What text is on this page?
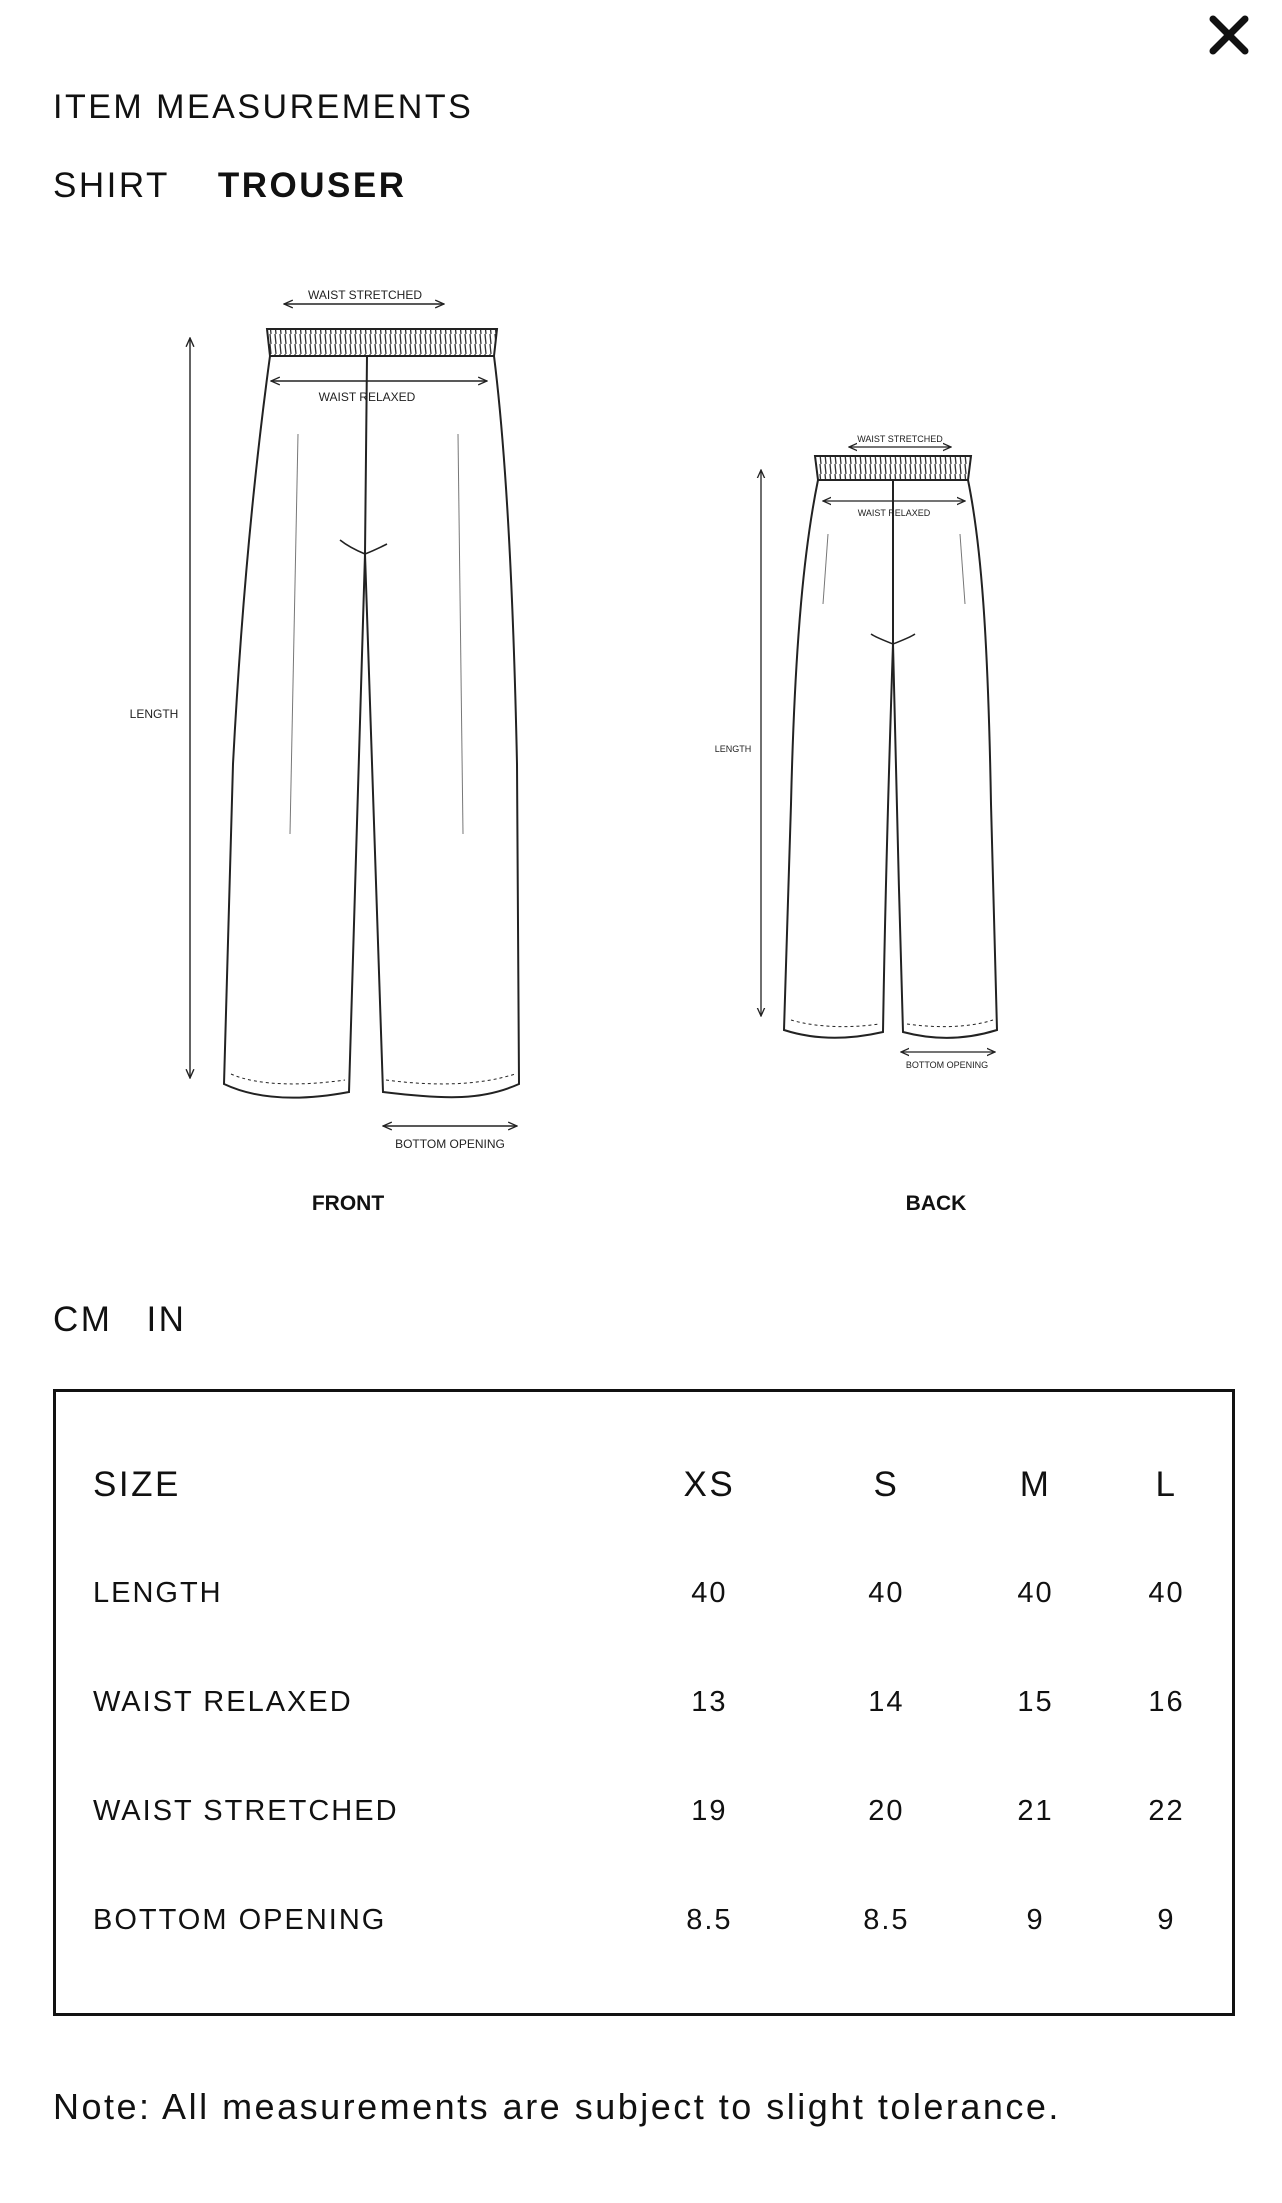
ITEM MEASUREMENTS
SHIRT TROUSER
WAIST STRETCHED
WAIST RELAXED
LENGTH
BOTTOM OPENING
FRONT
WAIST STRETCHED
WAIST RELAXED
LENGTH
BOTTOM OPENING
BACK
CM IN
SIZE	XS	S	M	L
LENGTH	40	40	40	40
WAIST RELAXED	13	14	15	16
WAIST STRETCHED	19	20	21	22
BOTTOM OPENING	8.5	8.5	9	9
Note: All measurements are subject to slight tolerance.
